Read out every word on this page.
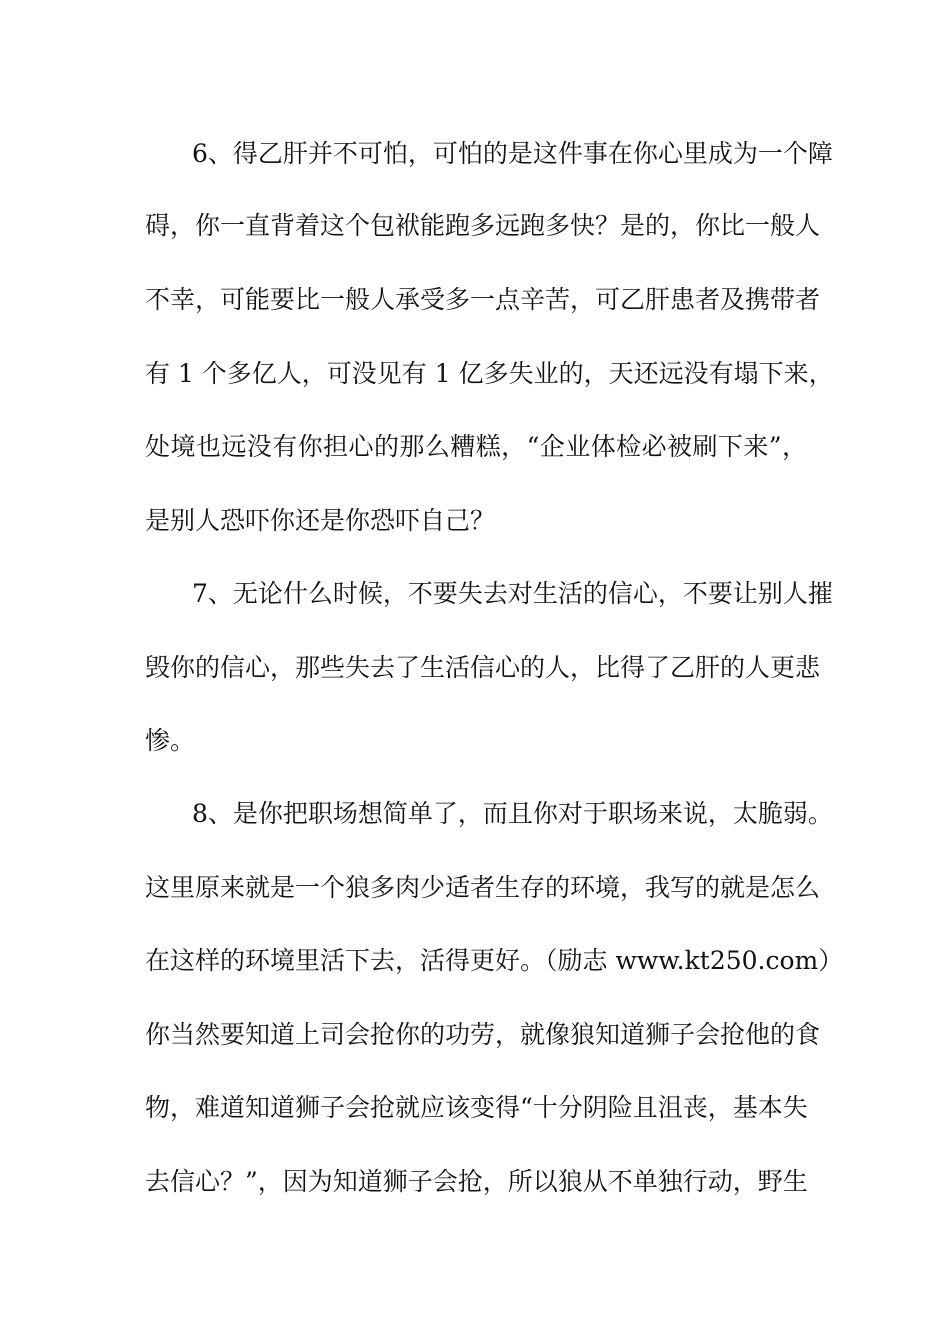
6、得乙肝并不可怕，可怕的是这件事在你心里成为一个障
碍，你一直背着这个包袱能跑多远跑多快？是的，你比一般人
不幸，可能要比一般人承受多一点辛苦，可乙肝患者及携带者
有 1 个多亿人，可没见有 1 亿多失业的，天还远没有塌下来，
处境也远没有你担心的那么糟糕，“企业体检必被刷下来”，
是别人恐吓你还是你恐吓自己？
7、无论什么时候，不要失去对生活的信心，不要让别人摧
毁你的信心，那些失去了生活信心的人，比得了乙肝的人更悲
惨。
8、是你把职场想简单了，而且你对于职场来说，太脆弱。
这里原来就是一个狼多肉少适者生存的环境，我写的就是怎么
在这样的环境里活下去，活得更好。（励志 www.kt250.com）
你当然要知道上司会抢你的功劳，就像狼知道狮子会抢他的食
物，难道知道狮子会抢就应该变得“十分阴险且沮丧，基本失
去信心？”，因为知道狮子会抢，所以狼从不单独行动，野生
